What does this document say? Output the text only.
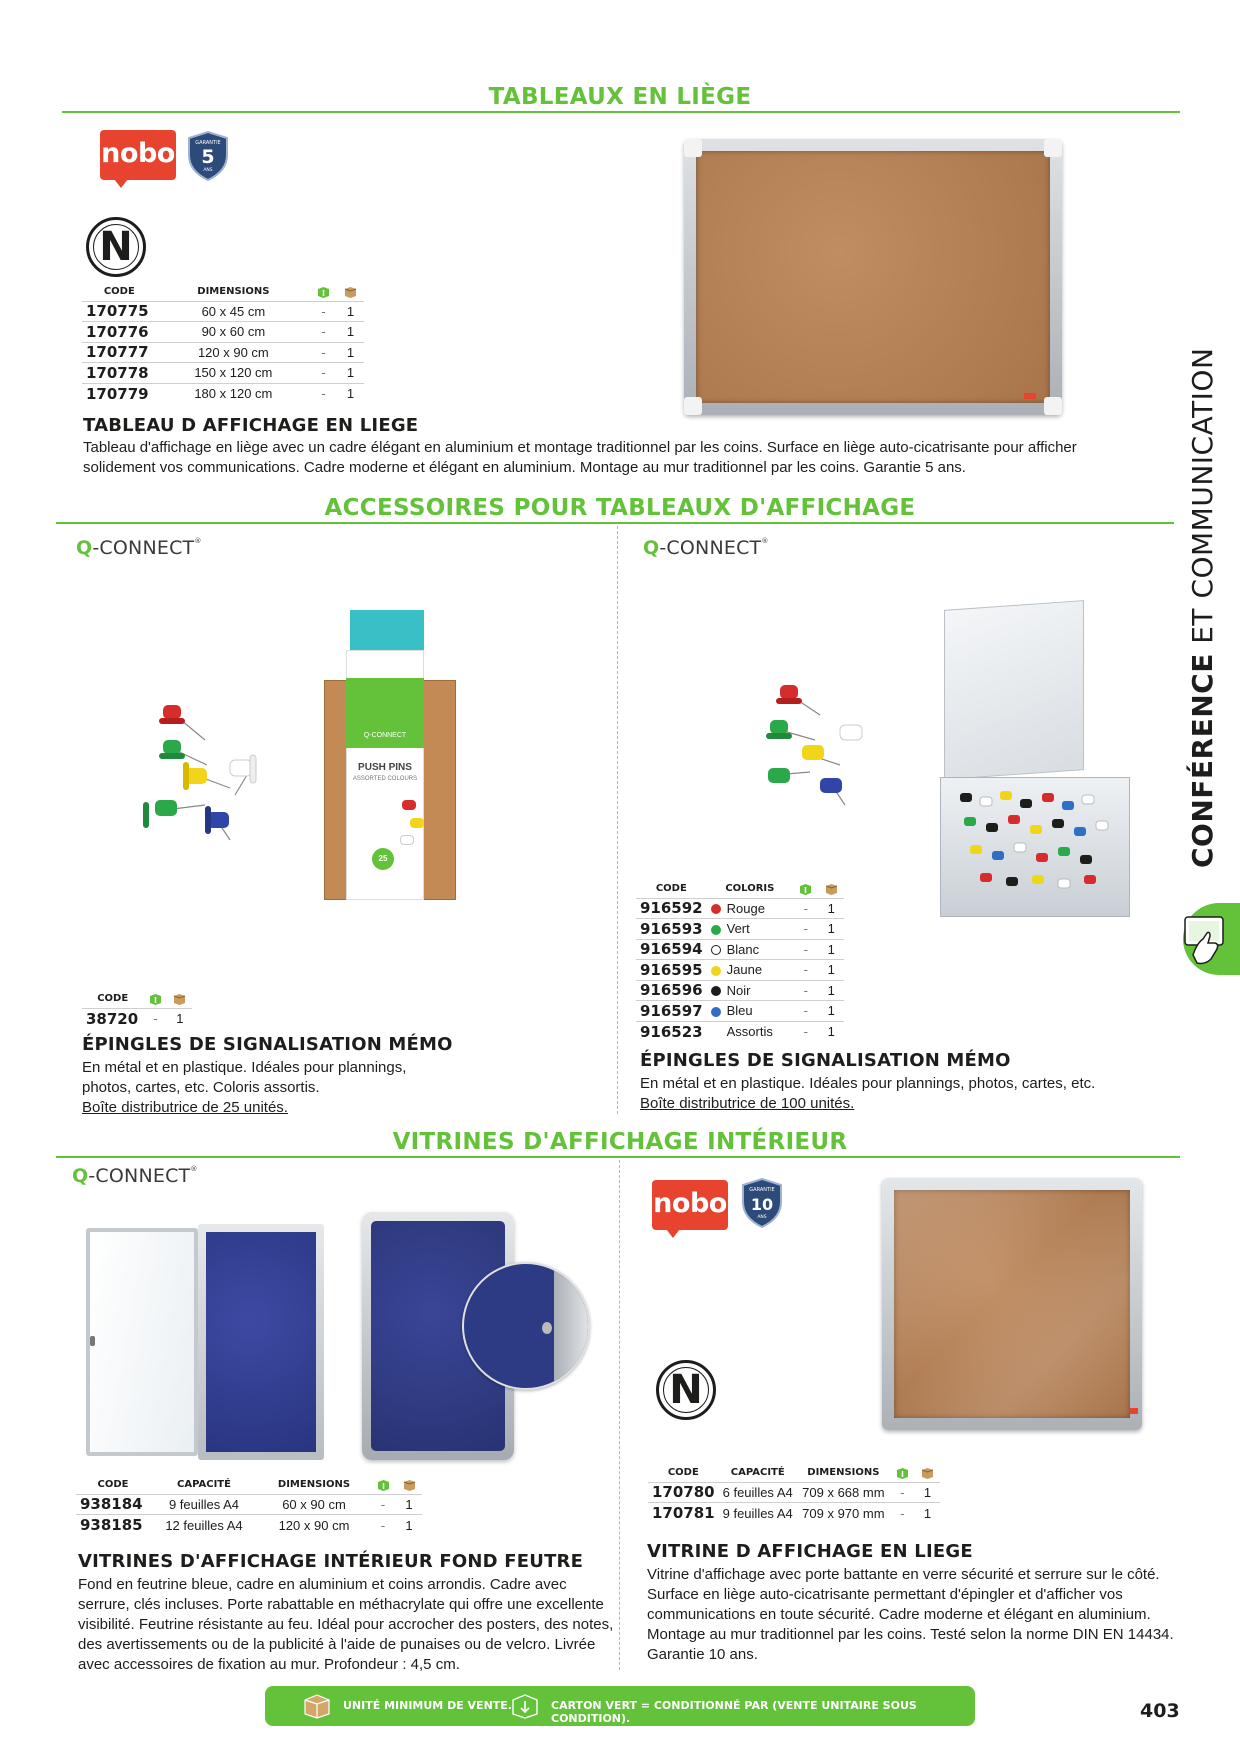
CONFÉRENCE ET COMMUNICATION
TABLEAUX EN LIÈGE
nobo	GARANTIE
5
ANS
N
CODE	DIMENSIONS		
170775	60 x 45 cm	-	1
170776	90 x 60 cm	-	1
170777	120 x 90 cm	-	1
170778	150 x 120 cm	-	1
170779	180 x 120 cm	-	1
TABLEAU D AFFICHAGE EN LIEGE
Tableau d'affichage en liège avec un cadre élégant en aluminium et montage traditionnel par les coins. Surface en liège auto-cicatrisante pour afficher
solidement vos communications. Cadre moderne et élégant en aluminium. Montage au mur traditionnel par les coins. Garantie 5 ans.
ACCESSOIRES POUR TABLEAUX D'AFFICHAGE
Q-CONNECT®
Q-CONNECT
PUSH PINS
ASSORTED COLOURS
25
CODE		
38720	-	1
ÉPINGLES DE SIGNALISATION MÉMO
En métal et en plastique. Idéales pour plannings,
photos, cartes, etc. Coloris assortis.
Boîte distributrice de 25 unités.
Q-CONNECT®
CODE	COLORIS		
916592	Rouge	-	1
916593	Vert	-	1
916594	Blanc	-	1
916595	Jaune	-	1
916596	Noir	-	1
916597	Bleu	-	1
916523	Assortis	-	1
ÉPINGLES DE SIGNALISATION MÉMO
En métal et en plastique. Idéales pour plannings, photos, cartes, etc.
Boîte distributrice de 100 unités.
VITRINES D'AFFICHAGE INTÉRIEUR
Q-CONNECT®
CODE	CAPACITÉ	DIMENSIONS		
938184	9 feuilles A4	60 x 90 cm	-	1
938185	12 feuilles A4	120 x 90 cm	-	1
VITRINES D'AFFICHAGE INTÉRIEUR FOND FEUTRE
Fond en feutrine bleue, cadre en aluminium et coins arrondis. Cadre avec
serrure, clés incluses. Porte rabattable en méthacrylate qui offre une excellente
visibilité. Feutrine résistante au feu. Idéal pour accrocher des posters, des notes,
des avertissements ou de la publicité à l'aide de punaises ou de velcro. Livrée
avec accessoires de fixation au mur. Profondeur : 4,5 cm.
nobo	GARANTIE
10
ANS
N
CODE	CAPACITÉ	DIMENSIONS		
170780	6 feuilles A4	709 x 668 mm	-	1
170781	9 feuilles A4	709 x 970 mm	-	1
VITRINE D AFFICHAGE EN LIEGE
Vitrine d'affichage avec porte battante en verre sécurité et serrure sur le côté.
Surface en liège auto-cicatrisante permettant d'épingler et d'afficher vos
communications en toute sécurité. Cadre moderne et élégant en aluminium.
Montage au mur traditionnel par les coins. Testé selon la norme DIN EN 14434.
Garantie 10 ans.
UNITÉ MINIMUM DE VENTE.	CARTON VERT = CONDITIONNÉ PAR (VENTE UNITAIRE SOUS CONDITION).	403
